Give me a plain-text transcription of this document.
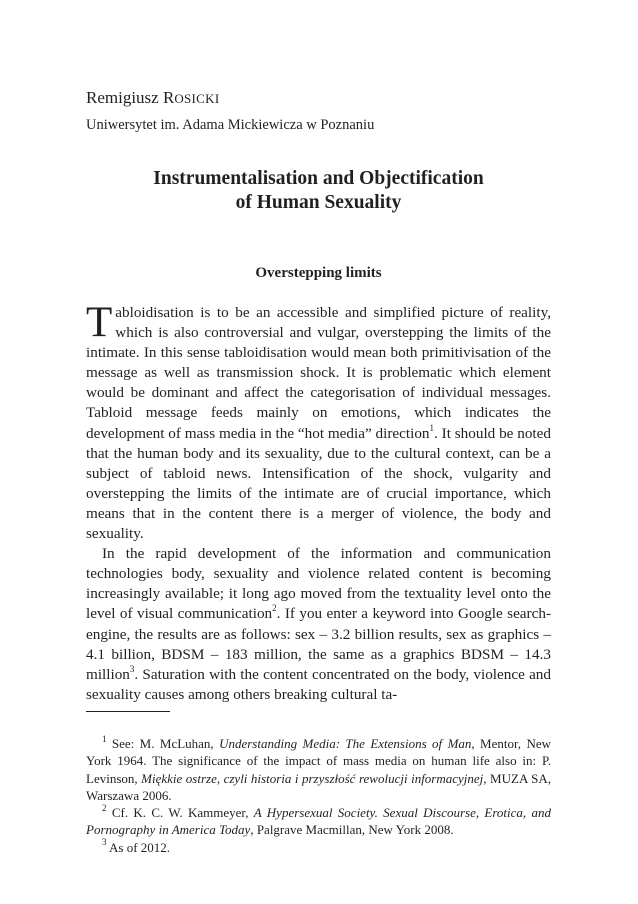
Remigiusz ROSICKI
Uniwersytet im. Adama Mickiewicza w Poznaniu
Instrumentalisation and Objectification
of Human Sexuality
Overstepping limits

Tabloidisation is to be an accessible and simplified picture of reality, which is also controversial and vulgar, overstepping the limits of the intimate. In this sense tabloidisation would mean both primitivisation of the message as well as transmission shock. It is problematic which element would be dominant and affect the categorisation of individual messages. Tabloid message feeds mainly on emotions, which indicates the development of mass media in the “hot media” direction$^1$. It should be noted that the human body and its sexuality, due to the cultural context, can be a subject of tabloid news. Intensification of the shock, vulgarity and overstepping the limits of the intimate are of crucial importance, which means that in the content there is a merger of violence, the body and sexuality.

In the rapid development of the information and communication technologies body, sexuality and violence related content is becoming increasingly available; it long ago moved from the textuality level onto the level of visual communication$^2$. If you enter a keyword into Google search-engine, the results are as follows: sex – 3.2 billion results, sex as graphics – 4.1 billion, BDSM – 183 million, the same as a graphics BDSM – 14.3 million$^3$. Saturation with the content concentrated on the body, violence and sexuality causes among others breaking cultural ta-

$^1$ See: M. McLuhan, Understanding Media: The Extensions of Man, Mentor, New York 1964. The significance of the impact of mass media on human life also in: P. Levinson, Miękkie ostrze, czyli historia i przyszłość rewolucji informacyjnej, MUZA SA, Warszawa 2006.

$^2$ Cf. K. C. W. Kammeyer, A Hypersexual Society. Sexual Discourse, Erotica, and Pornography in America Today, Palgrave Macmillan, New York 2008.

$^3$ As of 2012.
